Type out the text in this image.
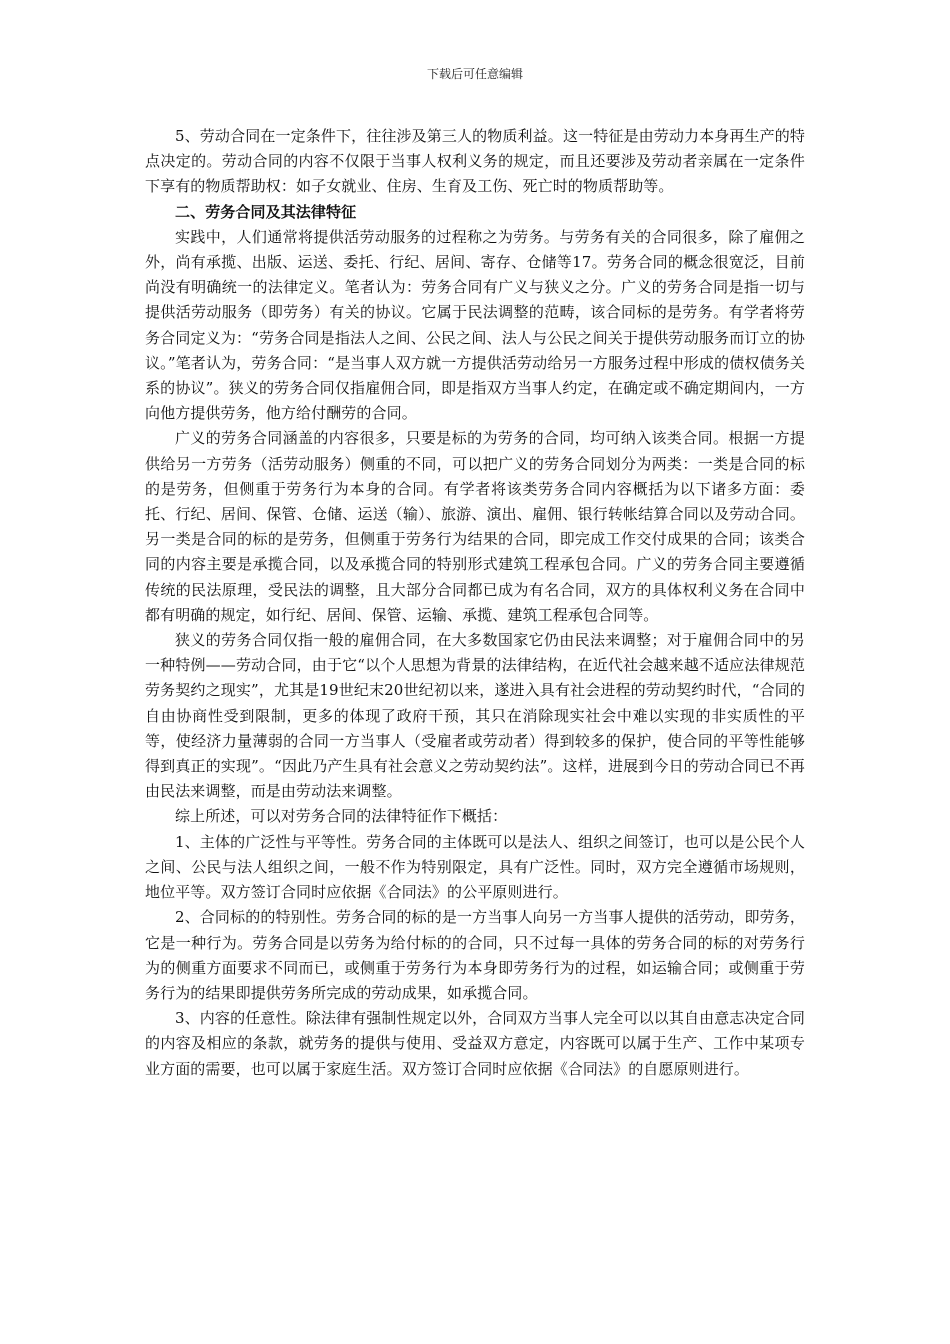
下载后可任意编辑

5、劳动合同在一定条件下，往往涉及第三人的物质利益。这一特征是由劳动力本身再生产的特点决定的。劳动合同的内容不仅限于当事人权利义务的规定，而且还要涉及劳动者亲属在一定条件下享有的物质帮助权：如子女就业、住房、生育及工伤、死亡时的物质帮助等。

二、劳务合同及其法律特征

实践中，人们通常将提供活劳动服务的过程称之为劳务。与劳务有关的合同很多，除了雇佣之外，尚有承揽、出版、运送、委托、行纪、居间、寄存、仓储等17。劳务合同的概念很宽泛，目前尚没有明确统一的法律定义。笔者认为：劳务合同有广义与狭义之分。广义的劳务合同是指一切与提供活劳动服务（即劳务）有关的协议。它属于民法调整的范畴，该合同标的是劳务。有学者将劳务合同定义为：“劳务合同是指法人之间、公民之间、法人与公民之间关于提供劳动服务而订立的协议。”笔者认为，劳务合同：“是当事人双方就一方提供活劳动给另一方服务过程中形成的债权债务关系的协议”。狭义的劳务合同仅指雇佣合同，即是指双方当事人约定，在确定或不确定期间内，一方向他方提供劳务，他方给付酬劳的合同。

广义的劳务合同涵盖的内容很多，只要是标的为劳务的合同，均可纳入该类合同。根据一方提供给另一方劳务（活劳动服务）侧重的不同，可以把广义的劳务合同划分为两类：一类是合同的标的是劳务，但侧重于劳务行为本身的合同。有学者将该类劳务合同内容概括为以下诸多方面：委托、行纪、居间、保管、仓储、运送（输）、旅游、演出、雇佣、银行转帐结算合同以及劳动合同。另一类是合同的标的是劳务，但侧重于劳务行为结果的合同，即完成工作交付成果的合同；该类合同的内容主要是承揽合同，以及承揽合同的特别形式建筑工程承包合同。广义的劳务合同主要遵循传统的民法原理，受民法的调整，且大部分合同都已成为有名合同，双方的具体权利义务在合同中都有明确的规定，如行纪、居间、保管、运输、承揽、建筑工程承包合同等。

狭义的劳务合同仅指一般的雇佣合同，在大多数国家它仍由民法来调整；对于雇佣合同中的另一种特例——劳动合同，由于它“以个人思想为背景的法律结构，在近代社会越来越不适应法律规范劳务契约之现实”，尤其是19世纪末20世纪初以来，遂进入具有社会进程的劳动契约时代，“合同的自由协商性受到限制，更多的体现了政府干预，其只在消除现实社会中难以实现的非实质性的平等，使经济力量薄弱的合同一方当事人（受雇者或劳动者）得到较多的保护，使合同的平等性能够得到真正的实现”。“因此乃产生具有社会意义之劳动契约法”。这样，进展到今日的劳动合同已不再由民法来调整，而是由劳动法来调整。

综上所述，可以对劳务合同的法律特征作下概括：

1、主体的广泛性与平等性。劳务合同的主体既可以是法人、组织之间签订，也可以是公民个人之间、公民与法人组织之间，一般不作为特别限定，具有广泛性。同时，双方完全遵循市场规则，地位平等。双方签订合同时应依据《合同法》的公平原则进行。

2、合同标的的特别性。劳务合同的标的是一方当事人向另一方当事人提供的活劳动，即劳务，它是一种行为。劳务合同是以劳务为给付标的的合同，只不过每一具体的劳务合同的标的对劳务行为的侧重方面要求不同而已，或侧重于劳务行为本身即劳务行为的过程，如运输合同；或侧重于劳务行为的结果即提供劳务所完成的劳动成果，如承揽合同。

3、内容的任意性。除法律有强制性规定以外，合同双方当事人完全可以以其自由意志决定合同的内容及相应的条款，就劳务的提供与使用、受益双方意定，内容既可以属于生产、工作中某项专业方面的需要，也可以属于家庭生活。双方签订合同时应依据《合同法》的自愿原则进行。
